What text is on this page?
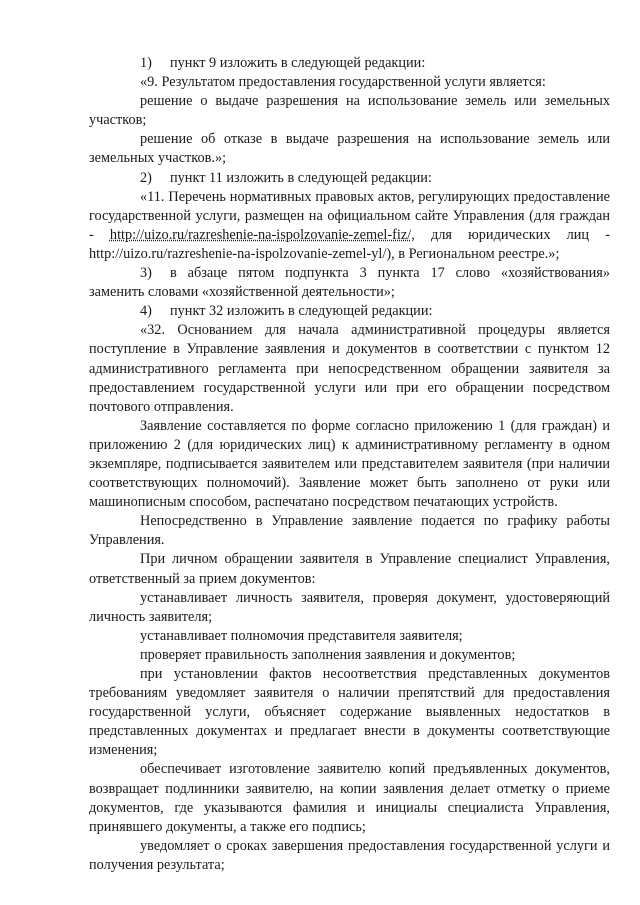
1) пункт 9 изложить в следующей редакции:

«9. Результатом предоставления государственной услуги является:

решение о выдаче разрешения на использование земель или земельных участков;

решение об отказе в выдаче разрешения на использование земель или земельных участков.»;

2) пункт 11 изложить в следующей редакции:

«11. Перечень нормативных правовых актов, регулирующих предоставление государственной услуги, размещен на официальном сайте Управления (для граждан - http://uizo.ru/razreshenie-na-ispolzovanie-zemel-fiz/, для юридических лиц - http://uizo.ru/razreshenie-na-ispolzovanie-zemel-yl/), в Региональном реестре.»;

3) в абзаце пятом подпункта 3 пункта 17 слово «хозяйствования» заменить словами «хозяйственной деятельности»;

4) пункт 32 изложить в следующей редакции:

«32. Основанием для начала административной процедуры является поступление в Управление заявления и документов в соответствии с пунктом 12 административного регламента при непосредственном обращении заявителя за предоставлением государственной услуги или при его обращении посредством почтового отправления.

Заявление составляется по форме согласно приложению 1 (для граждан) и приложению 2 (для юридических лиц) к административному регламенту в одном экземпляре, подписывается заявителем или представителем заявителя (при наличии соответствующих полномочий). Заявление может быть заполнено от руки или машинописным способом, распечатано посредством печатающих устройств.

Непосредственно в Управление заявление подается по графику работы Управления.

При личном обращении заявителя в Управление специалист Управления, ответственный за прием документов:

устанавливает личность заявителя, проверяя документ, удостоверяющий личность заявителя;

устанавливает полномочия представителя заявителя;

проверяет правильность заполнения заявления и документов;

при установлении фактов несоответствия представленных документов требованиям уведомляет заявителя о наличии препятствий для предоставления государственной услуги, объясняет содержание выявленных недостатков в представленных документах и предлагает внести в документы соответствующие изменения;

обеспечивает изготовление заявителю копий предъявленных документов, возвращает подлинники заявителю, на копии заявления делает отметку о приеме документов, где указываются фамилия и инициалы специалиста Управления, принявшего документы, а также его подпись;

уведомляет о сроках завершения предоставления государственной услуги и получения результата;
